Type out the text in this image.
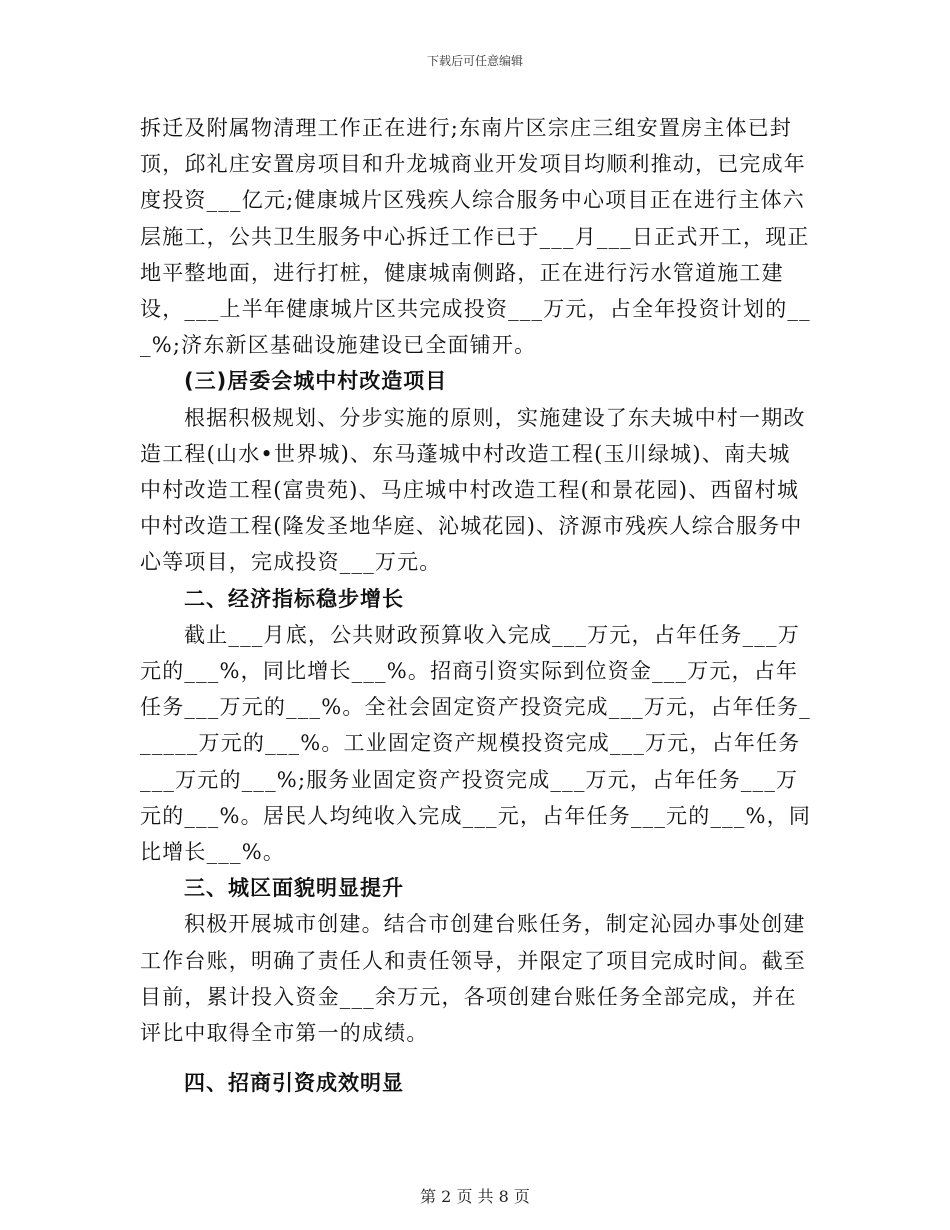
下载后可任意编辑

拆迁及附属物清理工作正在进行;东南片区宗庄三组安置房主体已封顶，邱礼庄安置房项目和升龙城商业开发项目均顺利推动，已完成年度投资___亿元;健康城片区残疾人综合服务中心项目正在进行主体六层施工，公共卫生服务中心拆迁工作已于___月___日正式开工，现正地平整地面，进行打桩，健康城南侧路，正在进行污水管道施工建设，___上半年健康城片区共完成投资___万元，占全年投资计划的___%;济东新区基础设施建设已全面铺开。

(三)居委会城中村改造项目

根据积极规划、分步实施的原则，实施建设了东夫城中村一期改造工程(山水•世界城)、东马蓬城中村改造工程(玉川绿城)、南夫城中村改造工程(富贵苑)、马庄城中村改造工程(和景花园)、西留村城中村改造工程(隆发圣地华庭、沁城花园)、济源市残疾人综合服务中心等项目，完成投资___万元。

二、经济指标稳步增长

截止___月底，公共财政预算收入完成___万元，占年任务___万元的___%，同比增长___%。招商引资实际到位资金___万元，占年任务___万元的___%。全社会固定资产投资完成___万元，占年任务______万元的___%。工业固定资产规模投资完成___万元，占年任务___万元的___%;服务业固定资产投资完成___万元，占年任务___万元的___%。居民人均纯收入完成___元，占年任务___元的___%，同比增长___%。

三、城区面貌明显提升

积极开展城市创建。结合市创建台账任务，制定沁园办事处创建工作台账，明确了责任人和责任领导，并限定了项目完成时间。截至目前，累计投入资金___余万元，各项创建台账任务全部完成，并在评比中取得全市第一的成绩。

四、招商引资成效明显

第 2 页 共 8 页
